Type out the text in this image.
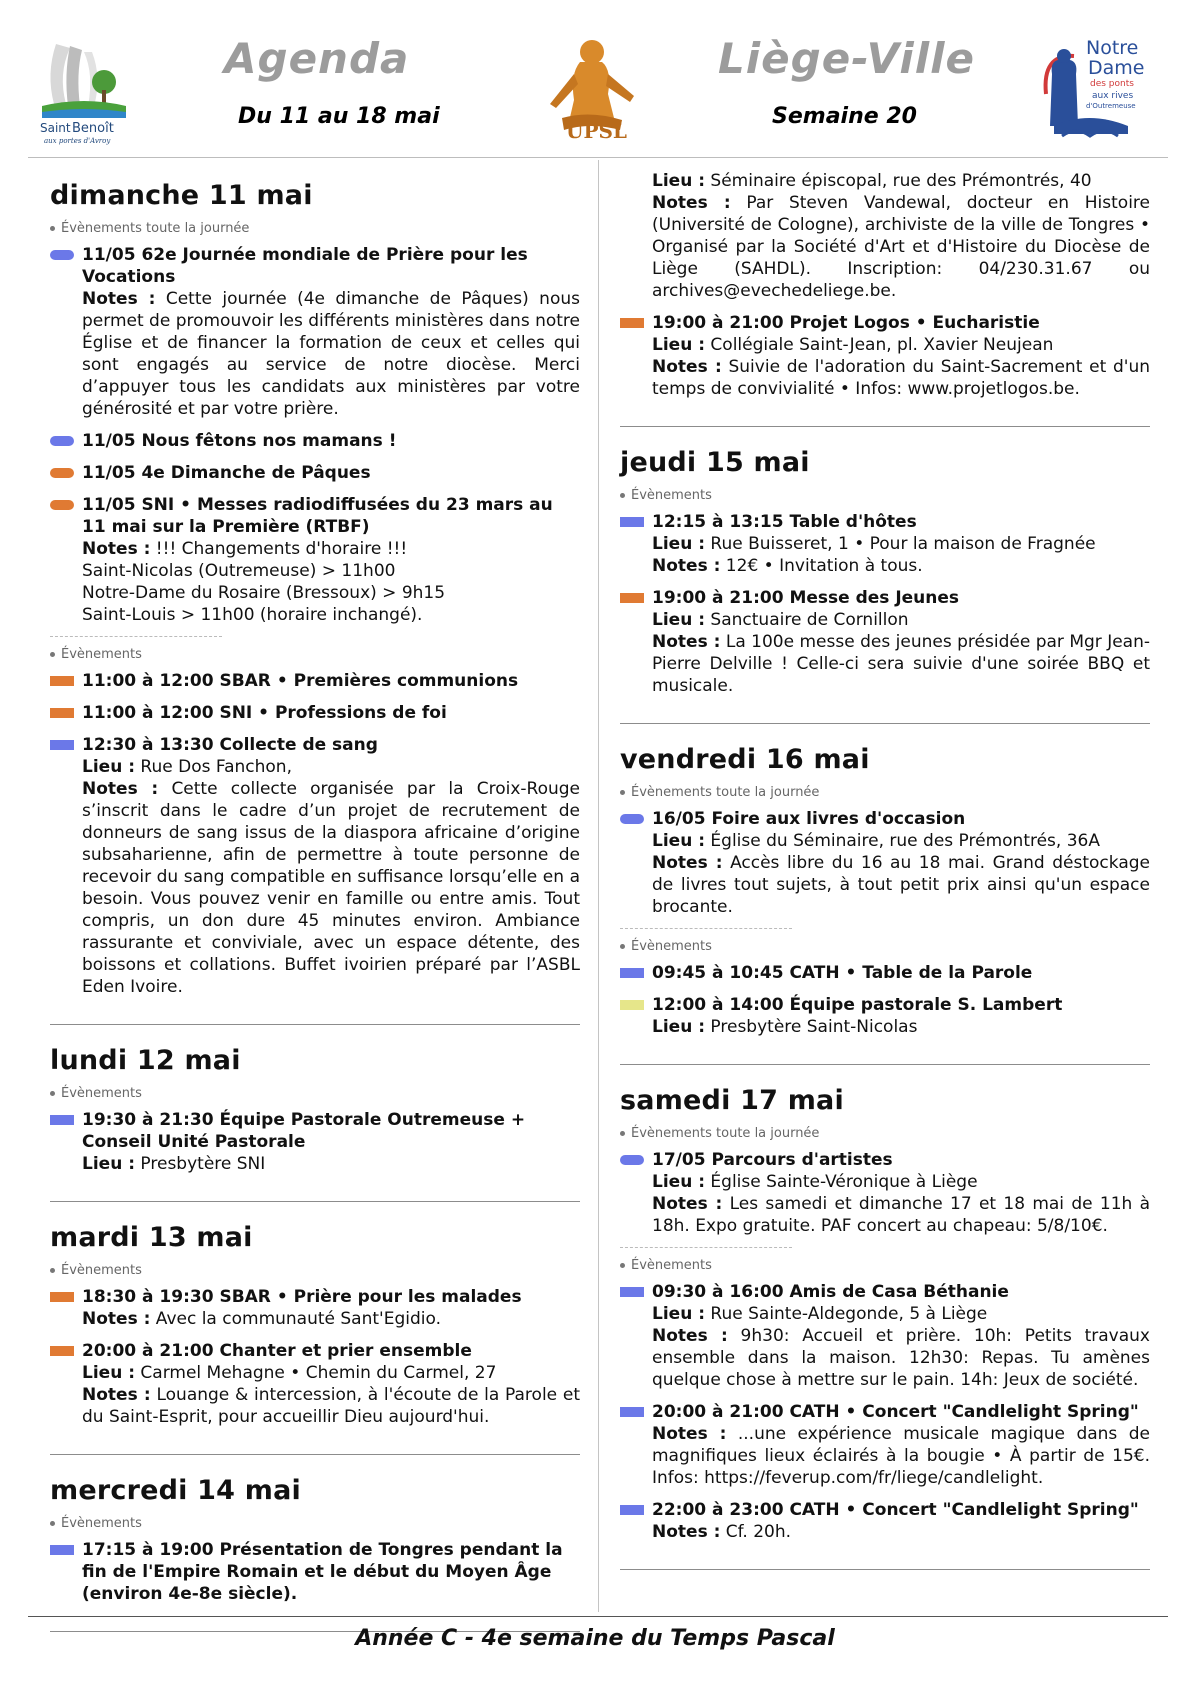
Saint Benoît
aux portes d'Avroy
Agenda
Du 11 au 18 mai
UPSL
Liège-Ville
Semaine 20
Notre
Dame
des ponts
aux rives
d'Outremeuse
dimanche 11 mai
Évènements toute la journée
11/05 62e Journée mondiale de Prière pour les Vocations
Notes : Cette journée (4e dimanche de Pâques) nous permet de promouvoir les différents ministères dans notre Église et de financer la formation de ceux et celles qui sont engagés au service de notre diocèse. Merci d’appuyer tous les candidats aux ministères par votre générosité et par votre prière.
11/05 Nous fêtons nos mamans !
11/05 4e Dimanche de Pâques
11/05 SNI • Messes radiodiffusées du 23 mars au 11 mai sur la Première (RTBF)
Notes : !!! Changements d'horaire !!!
Saint-Nicolas (Outremeuse) > 11h00
Notre-Dame du Rosaire (Bressoux) > 9h15
Saint-Louis > 11h00 (horaire inchangé).
Évènements
11:00 à 12:00 SBAR • Premières communions
11:00 à 12:00 SNI • Professions de foi
12:30 à 13:30 Collecte de sang
Lieu : Rue Dos Fanchon,
Notes : Cette collecte organisée par la Croix-Rouge s’inscrit dans le cadre d’un projet de recrutement de donneurs de sang issus de la diaspora africaine d’origine subsaharienne, afin de permettre à toute personne de recevoir du sang compatible en suffisance lorsqu’elle en a besoin. Vous pouvez venir en famille ou entre amis. Tout compris, un don dure 45 minutes environ. Ambiance rassurante et conviviale, avec un espace détente, des boissons et collations. Buffet ivoirien préparé par l’ASBL Eden Ivoire.
lundi 12 mai
Évènements
19:30 à 21:30 Équipe Pastorale Outremeuse + Conseil Unité Pastorale
Lieu : Presbytère SNI
mardi 13 mai
Évènements
18:30 à 19:30 SBAR • Prière pour les malades
Notes : Avec la communauté Sant'Egidio.
20:00 à 21:00 Chanter et prier ensemble
Lieu : Carmel Mehagne • Chemin du Carmel, 27
Notes : Louange & intercession, à l'écoute de la Parole et du Saint-Esprit, pour accueillir Dieu aujourd'hui.
mercredi 14 mai
Évènements
17:15 à 19:00 Présentation de Tongres pendant la fin de l'Empire Romain et le début du Moyen Âge (environ 4e-8e siècle).
Lieu : Séminaire épiscopal, rue des Prémontrés, 40
Notes : Par Steven Vandewal, docteur en Histoire (Université de Cologne), archiviste de la ville de Tongres • Organisé par la Société d'Art et d'Histoire du Diocèse de Liège (SAHDL). Inscription: 04/230.31.67 ou archives@evechedeliege.be.
19:00 à 21:00 Projet Logos • Eucharistie
Lieu : Collégiale Saint-Jean, pl. Xavier Neujean
Notes : Suivie de l'adoration du Saint-Sacrement et d'un temps de convivialité • Infos: www.projetlogos.be.
jeudi 15 mai
Évènements
12:15 à 13:15 Table d'hôtes
Lieu : Rue Buisseret, 1 • Pour la maison de Fragnée
Notes : 12€ • Invitation à tous.
19:00 à 21:00 Messe des Jeunes
Lieu : Sanctuaire de Cornillon
Notes : La 100e messe des jeunes présidée par Mgr Jean-Pierre Delville ! Celle-ci sera suivie d'une soirée BBQ et musicale.
vendredi 16 mai
Évènements toute la journée
16/05 Foire aux livres d'occasion
Lieu : Église du Séminaire, rue des Prémontrés, 36A
Notes : Accès libre du 16 au 18 mai. Grand déstockage de livres tout sujets, à tout petit prix ainsi qu'un espace brocante.
Évènements
09:45 à 10:45 CATH • Table de la Parole
12:00 à 14:00 Équipe pastorale S. Lambert
Lieu : Presbytère Saint-Nicolas
samedi 17 mai
Évènements toute la journée
17/05 Parcours d'artistes
Lieu : Église Sainte-Véronique à Liège
Notes : Les samedi et dimanche 17 et 18 mai de 11h à 18h. Expo gratuite. PAF concert au chapeau: 5/8/10€.
Évènements
09:30 à 16:00 Amis de Casa Béthanie
Lieu : Rue Sainte-Aldegonde, 5 à Liège
Notes : 9h30: Accueil et prière. 10h: Petits travaux ensemble dans la maison. 12h30: Repas. Tu amènes quelque chose à mettre sur le pain. 14h: Jeux de société.
20:00 à 21:00 CATH • Concert "Candlelight Spring"
Notes : ...une expérience musicale magique dans de magnifiques lieux éclairés à la bougie • À partir de 15€. Infos: https://feverup.com/fr/liege/candlelight.
22:00 à 23:00 CATH • Concert "Candlelight Spring"
Notes : Cf. 20h.
Année C - 4e semaine du Temps Pascal
